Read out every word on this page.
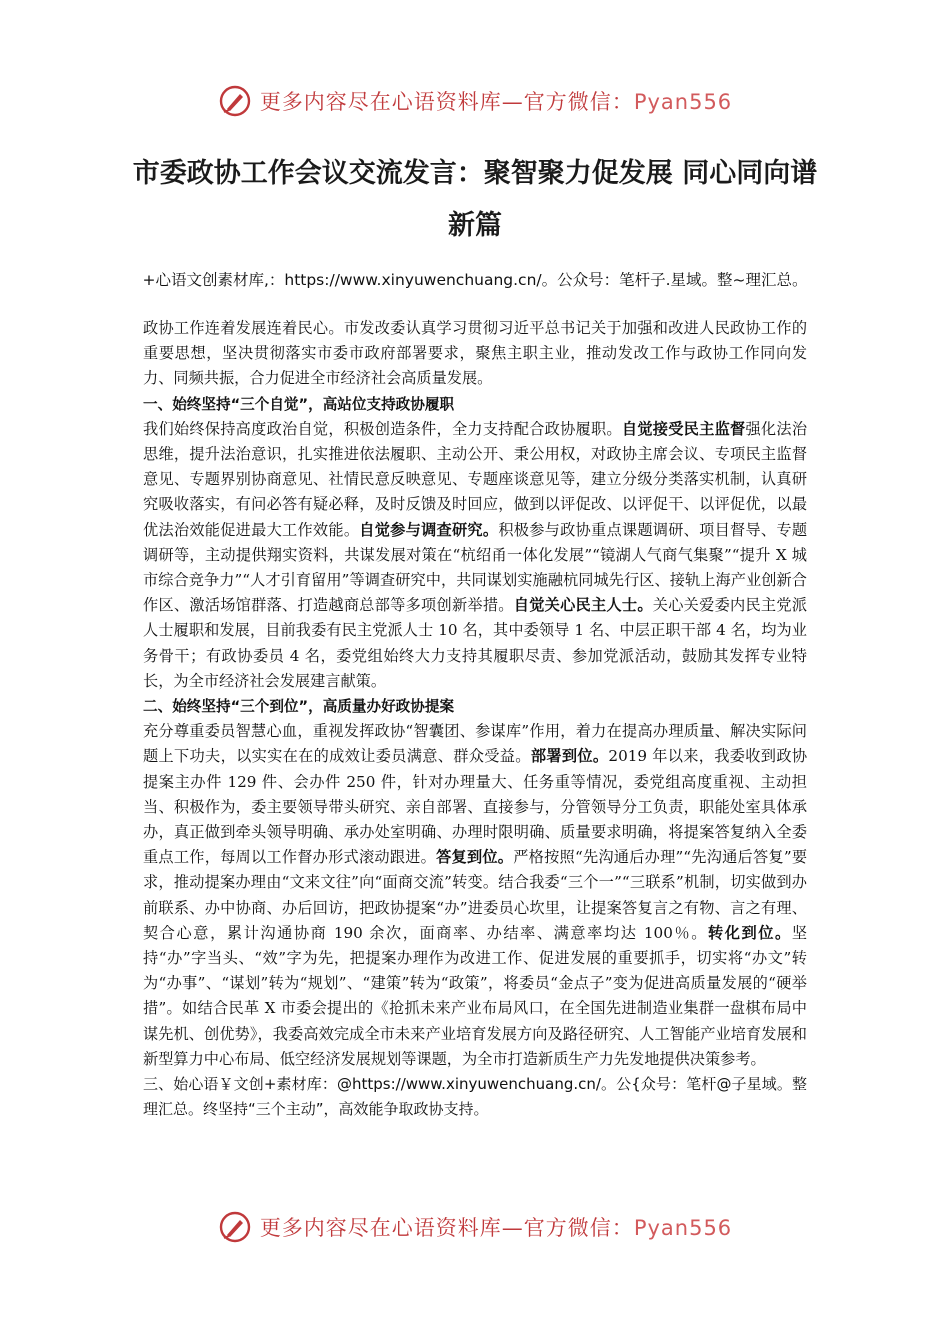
更多内容尽在心语资料库—官方微信：Pyan556
市委政协工作会议交流发言：聚智聚力促发展 同心同向谱新篇
+心语文创素材库,：https://www.xinyuwenchuang.cn/。公众号：笔杆子.星域。整~理汇总。

政协工作连着发展连着民心。市发改委认真学习贯彻习近平总书记关于加强和改进人民政协工作的重要思想，坚决贯彻落实市委市政府部署要求，聚焦主职主业，推动发改工作与政协工作同向发力、同频共振，合力促进全市经济社会高质量发展。

一、始终坚持“三个自觉”，高站位支持政协履职

我们始终保持高度政治自觉，积极创造条件，全力支持配合政协履职。自觉接受民主监督强化法治思维，提升法治意识，扎实推进依法履职、主动公开、秉公用权，对政协主席会议、专项民主监督意见、专题界别协商意见、社情民意反映意见、专题座谈意见等，建立分级分类落实机制，认真研究吸收落实，有问必答有疑必释，及时反馈及时回应，做到以评促改、以评促干、以评促优，以最优法治效能促进最大工作效能。自觉参与调查研究。积极参与政协重点课题调研、项目督导、专题调研等，主动提供翔实资料，共谋发展对策在“杭绍甬一体化发展”“镜湖人气商气集聚”“提升 X 城市综合竞争力”“人才引育留用”等调查研究中，共同谋划实施融杭同城先行区、接轨上海产业创新合作区、激活场馆群落、打造越商总部等多项创新举措。自觉关心民主人士。关心关爱委内民主党派人士履职和发展，目前我委有民主党派人士 10 名，其中委领导 1 名、中层正职干部 4 名，均为业务骨干；有政协委员 4 名，委党组始终大力支持其履职尽责、参加党派活动，鼓励其发挥专业特长，为全市经济社会发展建言献策。

二、始终坚持“三个到位”，高质量办好政协提案

充分尊重委员智慧心血，重视发挥政协“智囊团、参谋库”作用，着力在提高办理质量、解决实际问题上下功夫，以实实在在的成效让委员满意、群众受益。部署到位。2019 年以来，我委收到政协提案主办件 129 件、会办件 250 件，针对办理量大、任务重等情况，委党组高度重视、主动担当、积极作为，委主要领导带头研究、亲自部署、直接参与，分管领导分工负责，职能处室具体承办，真正做到牵头领导明确、承办处室明确、办理时限明确、质量要求明确，将提案答复纳入全委重点工作，每周以工作督办形式滚动跟进。答复到位。严格按照“先沟通后办理”“先沟通后答复”要求，推动提案办理由“文来文往”向“面商交流”转变。结合我委“三个一”“三联系”机制，切实做到办前联系、办中协商、办后回访，把政协提案“办”进委员心坎里，让提案答复言之有物、言之有理、契合心意，累计沟通协商 190 余次，面商率、办结率、满意率均达 100％。转化到位。坚持“办”字当头、“效”字为先，把提案办理作为改进工作、促进发展的重要抓手，切实将“办文”转为“办事”、“谋划”转为“规划”、“建策”转为“政策”，将委员“金点子”变为促进高质量发展的“硬举措”。如结合民革 X 市委会提出的《抢抓未来产业布局风口，在全国先进制造业集群一盘棋布局中谋先机、创优势》，我委高效完成全市未来产业培育发展方向及路径研究、人工智能产业培育发展和新型算力中心布局、低空经济发展规划等课题，为全市打造新质生产力先发地提供决策参考。

三、始心语￥文创+素材库：@https://www.xinyuwenchuang.cn/。公{众号：笔杆@子星域。整理汇总。终坚持“三个主动”，高效能争取政协支持。

更多内容尽在心语资料库—官方微信：Pyan556
